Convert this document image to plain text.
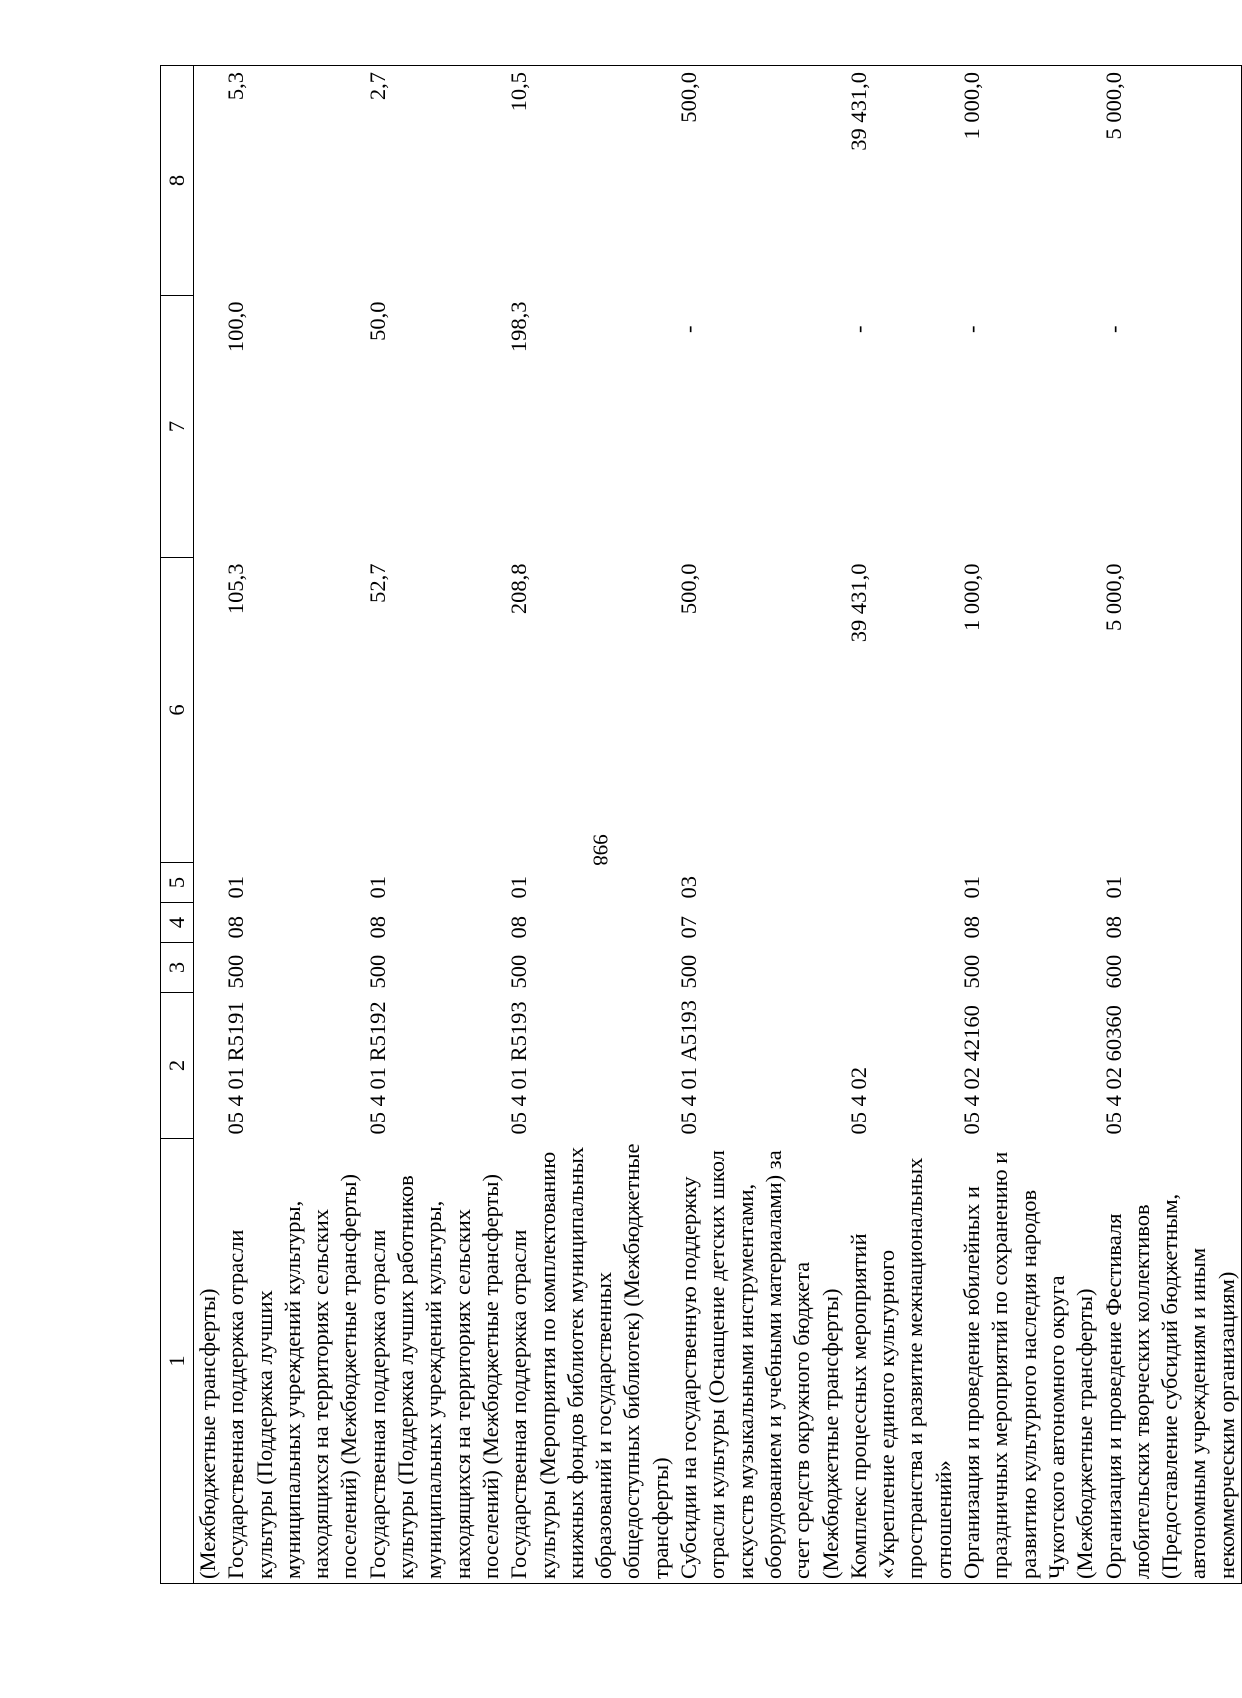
998
1	2	3	4	5	6	7	8
(Межбюджетные трансферты)							
Государственная поддержка отрасли культуры (Поддержка лучших муниципальных учреждений культуры, находящихся на территориях сельских поселений) (Межбюджетные трансферты)	05 4 01 R5191	500	08	01	105,3	100,0	5,3
Государственная поддержка отрасли культуры (Поддержка лучших работников муниципальных учреждений культуры, находящихся на территориях сельских поселений) (Межбюджетные трансферты)	05 4 01 R5192	500	08	01	52,7	50,0	2,7
Государственная поддержка отрасли культуры (Мероприятия по комплектованию книжных фондов библиотек муниципальных образований и государственных общедоступных библиотек) (Межбюджетные трансферты)	05 4 01 R5193	500	08	01	208,8	198,3	10,5
Субсидии на государственную поддержку отрасли культуры (Оснащение детских школ искусств музыкальными инструментами, оборудованием и учебными материалами) за счет средств окружного бюджета (Межбюджетные трансферты)	05 4 01 А5193	500	07	03	500,0	-	500,0
Комплекс процессных мероприятий «Укрепление единого культурного пространства и развитие межнациональных отношений»	05 4 02				39 431,0	-	39 431,0
Организация и проведение юбилейных и праздничных мероприятий по сохранению и развитию культурного наследия народов Чукотского автономного округа (Межбюджетные трансферты)	05 4 02 42160	500	08	01	1 000,0	-	1 000,0
Организация и проведение Фестиваля любительских творческих коллективов (Предоставление субсидий бюджетным, автономным учреждениям и иным некоммерческим организациям)	05 4 02 60360	600	08	01	5 000,0	-	5 000,0
